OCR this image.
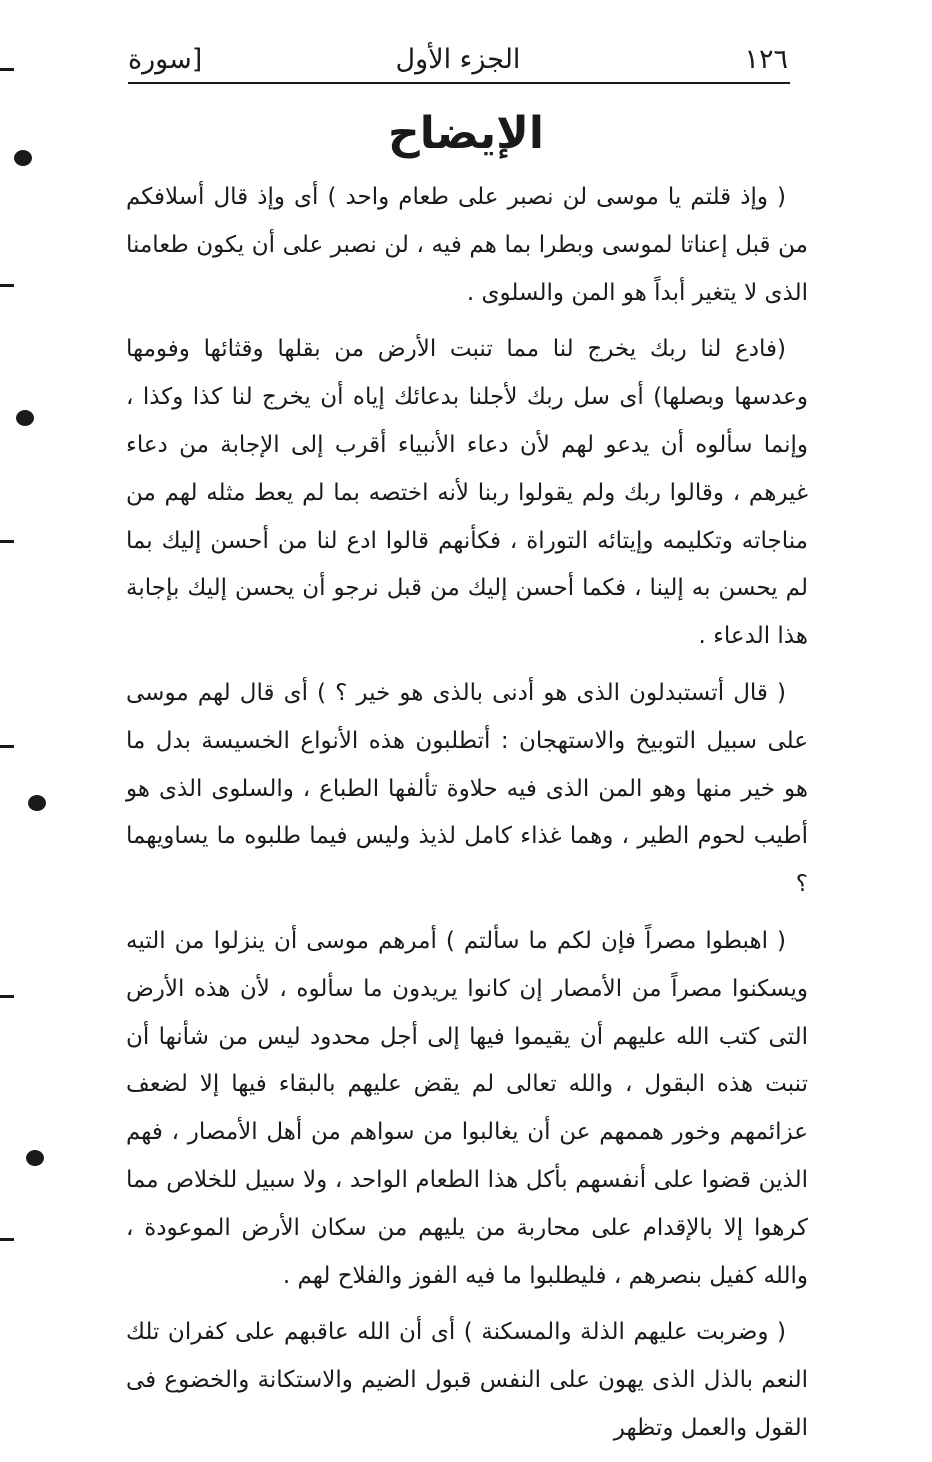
١٢٦
الجزء الأول
[سورة
الإيضاح

( وإذ قلتم يا موسى لن نصبر على طعام واحد ) أى وإذ قال أسلافكم من قبل إعناتا لموسى وبطرا بما هم فيه ، لن نصبر على أن يكون طعامنا الذى لا يتغير أبداً هو المن والسلوى .

(فادع لنا ربك يخرج لنا مما تنبت الأرض من بقلها وقثائها وفومها وعدسها وبصلها) أى سل ربك لأجلنا بدعائك إياه أن يخرج لنا كذا وكذا ، وإنما سألوه أن يدعو لهم لأن دعاء الأنبياء أقرب إلى الإجابة من دعاء غيرهم ، وقالوا ربك ولم يقولوا ربنا لأنه اختصه بما لم يعط مثله لهم من مناجاته وتكليمه وإيتائه التوراة ، فكأنهم قالوا ادع لنا من أحسن إليك بما لم يحسن به إلينا ، فكما أحسن إليك من قبل نرجو أن يحسن إليك بإجابة هذا الدعاء .

( قال أتستبدلون الذى هو أدنى بالذى هو خير ؟ ) أى قال لهم موسى على سبيل التوبيخ والاستهجان : أتطلبون هذه الأنواع الخسيسة بدل ما هو خير منها وهو المن الذى فيه حلاوة تألفها الطباع ، والسلوى الذى هو أطيب لحوم الطير ، وهما غذاء كامل لذيذ وليس فيما طلبوه ما يساويهما ؟

( اهبطوا مصراً فإن لكم ما سألتم ) أمرهم موسى أن ينزلوا من التيه ويسكنوا مصراً من الأمصار إن كانوا يريدون ما سألوه ، لأن هذه الأرض التى كتب الله عليهم أن يقيموا فيها إلى أجل محدود ليس من شأنها أن تنبت هذه البقول ، والله تعالى لم يقض عليهم بالبقاء فيها إلا لضعف عزائمهم وخور هممهم عن أن يغالبوا من سواهم من أهل الأمصار ، فهم الذين قضوا على أنفسهم بأكل هذا الطعام الواحد ، ولا سبيل للخلاص مما كرهوا إلا بالإقدام على محاربة من يليهم من سكان الأرض الموعودة ، والله كفيل بنصرهم ، فليطلبوا ما فيه الفوز والفلاح لهم .

( وضربت عليهم الذلة والمسكنة ) أى أن الله عاقبهم على كفران تلك النعم بالذل الذى يهون على النفس قبول الضيم والاستكانة والخضوع فى القول والعمل وتظهر
